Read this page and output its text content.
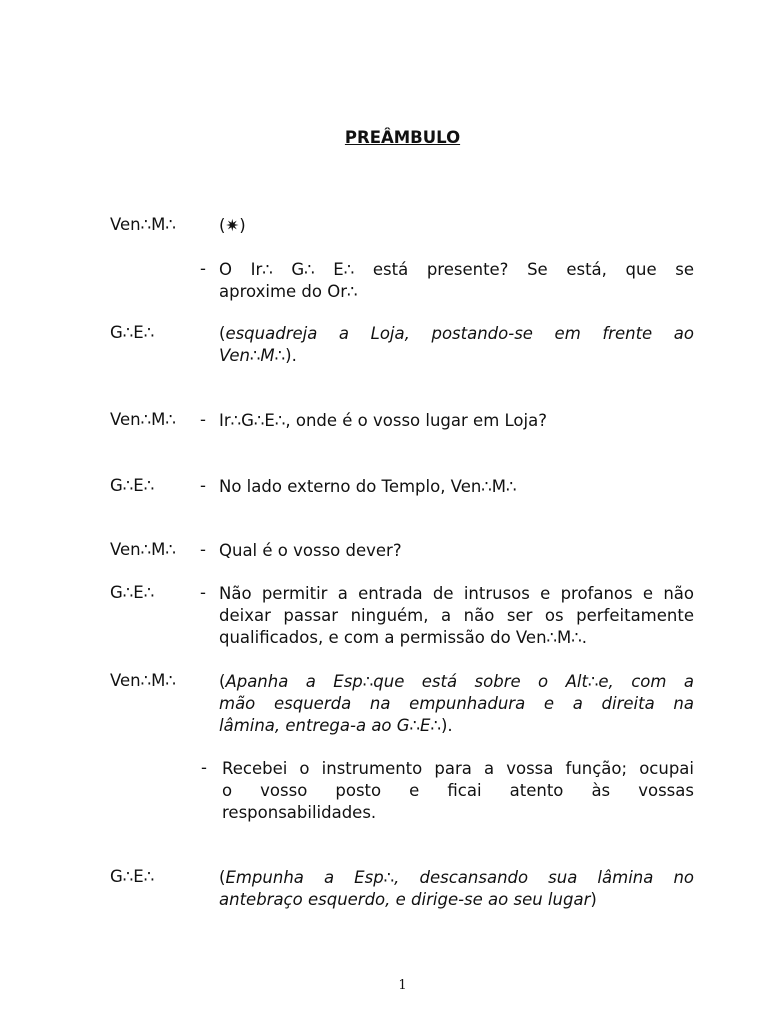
PREÂMBULO
Ven∴M∴	(✷)
- O Ir∴ G∴ E∴ está presente? Se está, que se
aproxime do Or∴
G∴E∴	(esquadreja a Loja, postando-se em frente ao
Ven∴M∴).
Ven∴M∴ - Ir∴G∴E∴, onde é o vosso lugar em Loja?
G∴E∴	- No lado externo do Templo, Ven∴M∴
Ven∴M∴ - Qual é o vosso dever?
G∴E∴	- Não permitir a entrada de intrusos e profanos e não
deixar passar ninguém, a não ser os perfeitamente
qualificados, e com a permissão do Ven∴M∴.
Ven∴M∴	(Apanha a Esp∴que está sobre o Alt∴e, com a
mão esquerda na empunhadura e a direita na
lâmina, entrega-a ao G∴E∴).
- Recebei o instrumento para a vossa função; ocupai
o vosso posto e ficai atento às vossas
responsabilidades.
G∴E∴	(Empunha a Esp∴, descansando sua lâmina no
antebraço esquerdo, e dirige-se ao seu lugar)
1
